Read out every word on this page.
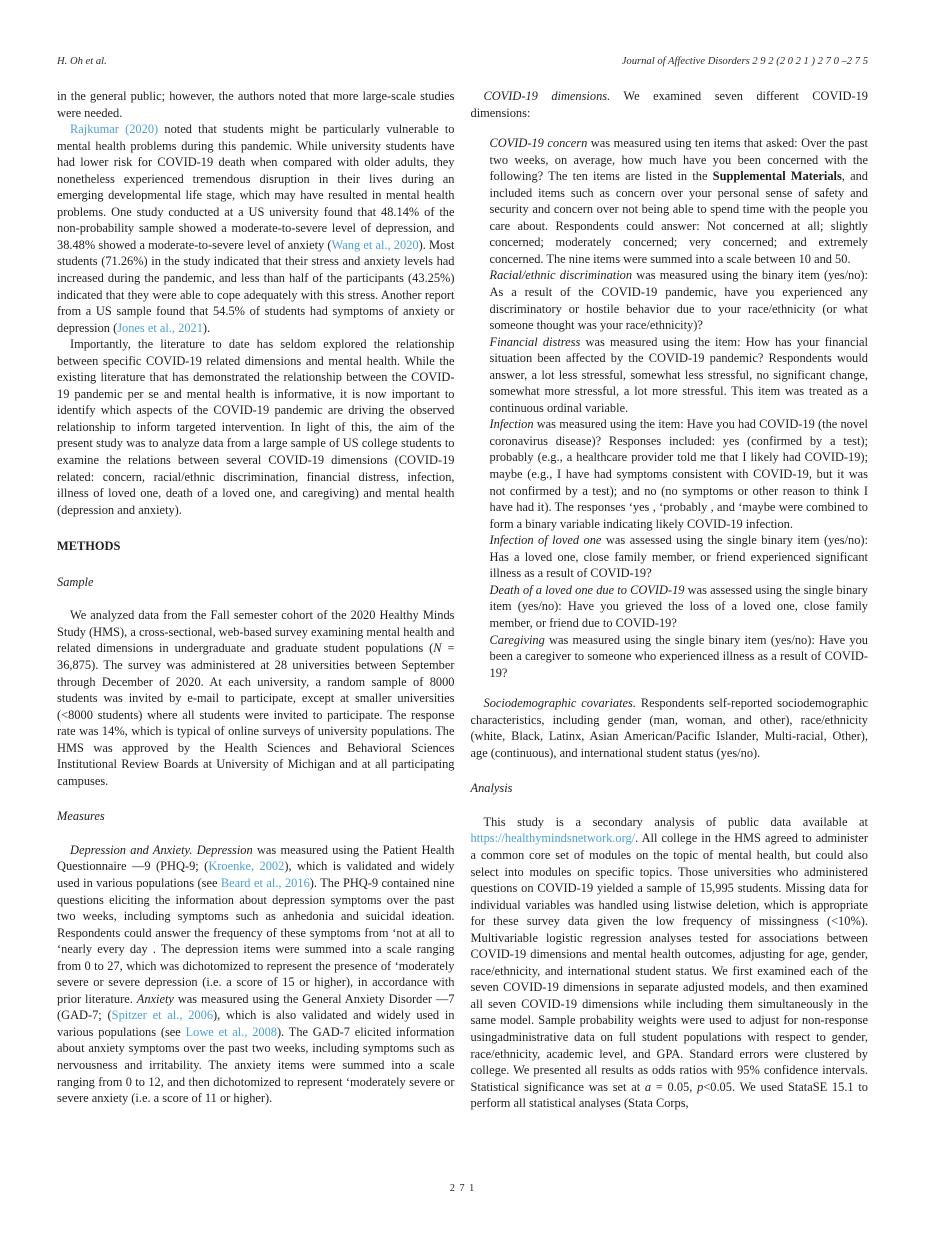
H. Oh et al.	Journal of Affective Disorders 2 9 2 (2 0 2 1 ) 2 7 0 –2 7 5

in the general public; however, the authors noted that more large-scale studies were needed.

Rajkumar (2020) noted that students might be particularly vulnerable to mental health problems during this pandemic. While university students have had lower risk for COVID-19 death when compared with older adults, they nonetheless experienced tremendous disruption in their lives during an emerging developmental life stage, which may have resulted in mental health problems. One study conducted at a US university found that 48.14% of the non-probability sample showed a moderate-to-severe level of depression, and 38.48% showed a moderate-to-severe level of anxiety (Wang et al., 2020). Most students (71.26%) in the study indicated that their stress and anxiety levels had increased during the pandemic, and less than half of the participants (43.25%) indicated that they were able to cope adequately with this stress. Another report from a US sample found that 54.5% of students had symptoms of anxiety or depression (Jones et al., 2021).

Importantly, the literature to date has seldom explored the relationship between specific COVID-19 related dimensions and mental health. While the existing literature that has demonstrated the relationship between the COVID-19 pandemic per se and mental health is informative, it is now important to identify which aspects of the COVID-19 pandemic are driving the observed relationship to inform targeted intervention. In light of this, the aim of the present study was to analyze data from a large sample of US college students to examine the relations between several COVID-19 dimensions (COVID-19 related: concern, racial/ethnic discrimination, financial distress, infection, illness of loved one, death of a loved one, and caregiving) and mental health (depression and anxiety).

METHODS
Sample

We analyzed data from the Fall semester cohort of the 2020 Healthy Minds Study (HMS), a cross-sectional, web-based survey examining mental health and related dimensions in undergraduate and graduate student populations (N = 36,875). The survey was administered at 28 universities between September through December of 2020. At each university, a random sample of 8000 students was invited by e-mail to participate, except at smaller universities (<8000 students) where all students were invited to participate. The response rate was 14%, which is typical of online surveys of university populations. The HMS was approved by the Health Sciences and Behavioral Sciences Institutional Review Boards at University of Michigan and at all participating campuses.

Measures

Depression and Anxiety. Depression was measured using the Patient Health Questionnaire —9 (PHQ-9; (Kroenke, 2002), which is validated and widely used in various populations (see Beard et al., 2016). The PHQ-9 contained nine questions eliciting the information about depression symptoms over the past two weeks, including symptoms such as anhedonia and suicidal ideation. Respondents could answer the frequency of these symptoms from ‘not at all to ‘nearly every day . The depression items were summed into a scale ranging from 0 to 27, which was dichotomized to represent the presence of ‘moderately severe or severe depression (i.e. a score of 15 or higher), in accordance with prior literature. Anxiety was measured using the General Anxiety Disorder —7 (GAD-7; (Spitzer et al., 2006), which is also validated and widely used in various populations (see Lowe et al., 2008). The GAD-7 elicited information about anxiety symptoms over the past two weeks, including symptoms such as nervousness and irritability. The anxiety items were summed into a scale ranging from 0 to 12, and then dichotomized to represent ‘moderately severe or severe anxiety (i.e. a score of 11 or higher).

COVID-19 dimensions. We examined seven different COVID-19 dimensions:

COVID-19 concern was measured using ten items that asked: Over the past two weeks, on average, how much have you been concerned with the following? The ten items are listed in the Supplemental Materials, and included items such as concern over your personal sense of safety and security and concern over not being able to spend time with the people you care about. Respondents could answer: Not concerned at all; slightly concerned; moderately concerned; very concerned; and extremely concerned. The nine items were summed into a scale between 10 and 50.

Racial/ethnic discrimination was measured using the binary item (yes/no): As a result of the COVID-19 pandemic, have you experienced any discriminatory or hostile behavior due to your race/ethnicity (or what someone thought was your race/ethnicity)?

Financial distress was measured using the item: How has your financial situation been affected by the COVID-19 pandemic? Respondents would answer, a lot less stressful, somewhat less stressful, no significant change, somewhat more stressful, a lot more stressful. This item was treated as a continuous ordinal variable.

Infection was measured using the item: Have you had COVID-19 (the novel coronavirus disease)? Responses included: yes (confirmed by a test); probably (e.g., a healthcare provider told me that I likely had COVID-19); maybe (e.g., I have had symptoms consistent with COVID-19, but it was not confirmed by a test); and no (no symptoms or other reason to think I have had it). The responses ‘yes , ‘probably , and ‘maybe were combined to form a binary variable indicating likely COVID-19 infection.

Infection of loved one was assessed using the single binary item (yes/no): Has a loved one, close family member, or friend experienced significant illness as a result of COVID-19?

Death of a loved one due to COVID-19 was assessed using the single binary item (yes/no): Have you grieved the loss of a loved one, close family member, or friend due to COVID-19?

Caregiving was measured using the single binary item (yes/no): Have you been a caregiver to someone who experienced illness as a result of COVID-19?

Sociodemographic covariates. Respondents self-reported sociodemographic characteristics, including gender (man, woman, and other), race/ethnicity (white, Black, Latinx, Asian American/Pacific Islander, Multi-racial, Other), age (continuous), and international student status (yes/no).

Analysis

This study is a secondary analysis of public data available at https://healthymindsnetwork.org/. All college in the HMS agreed to administer a common core set of modules on the topic of mental health, but could also select into modules on specific topics. Those universities who administered questions on COVID-19 yielded a sample of 15,995 students. Missing data for individual variables was handled using listwise deletion, which is appropriate for these survey data given the low frequency of missingness (<10%). Multivariable logistic regression analyses tested for associations between COVID-19 dimensions and mental health outcomes, adjusting for age, gender, race/ethnicity, and international student status. We first examined each of the seven COVID-19 dimensions in separate adjusted models, and then examined all seven COVID-19 dimensions while including them simultaneously in the same model. Sample probability weights were used to adjust for non-response usingadministrative data on full student populations with respect to gender, race/ethnicity, academic level, and GPA. Standard errors were clustered by college. We presented all results as odds ratios with 95% confidence intervals. Statistical significance was set at a = 0.05, p<0.05. We used StataSE 15.1 to perform all statistical analyses (Stata Corps,

2 7 1
